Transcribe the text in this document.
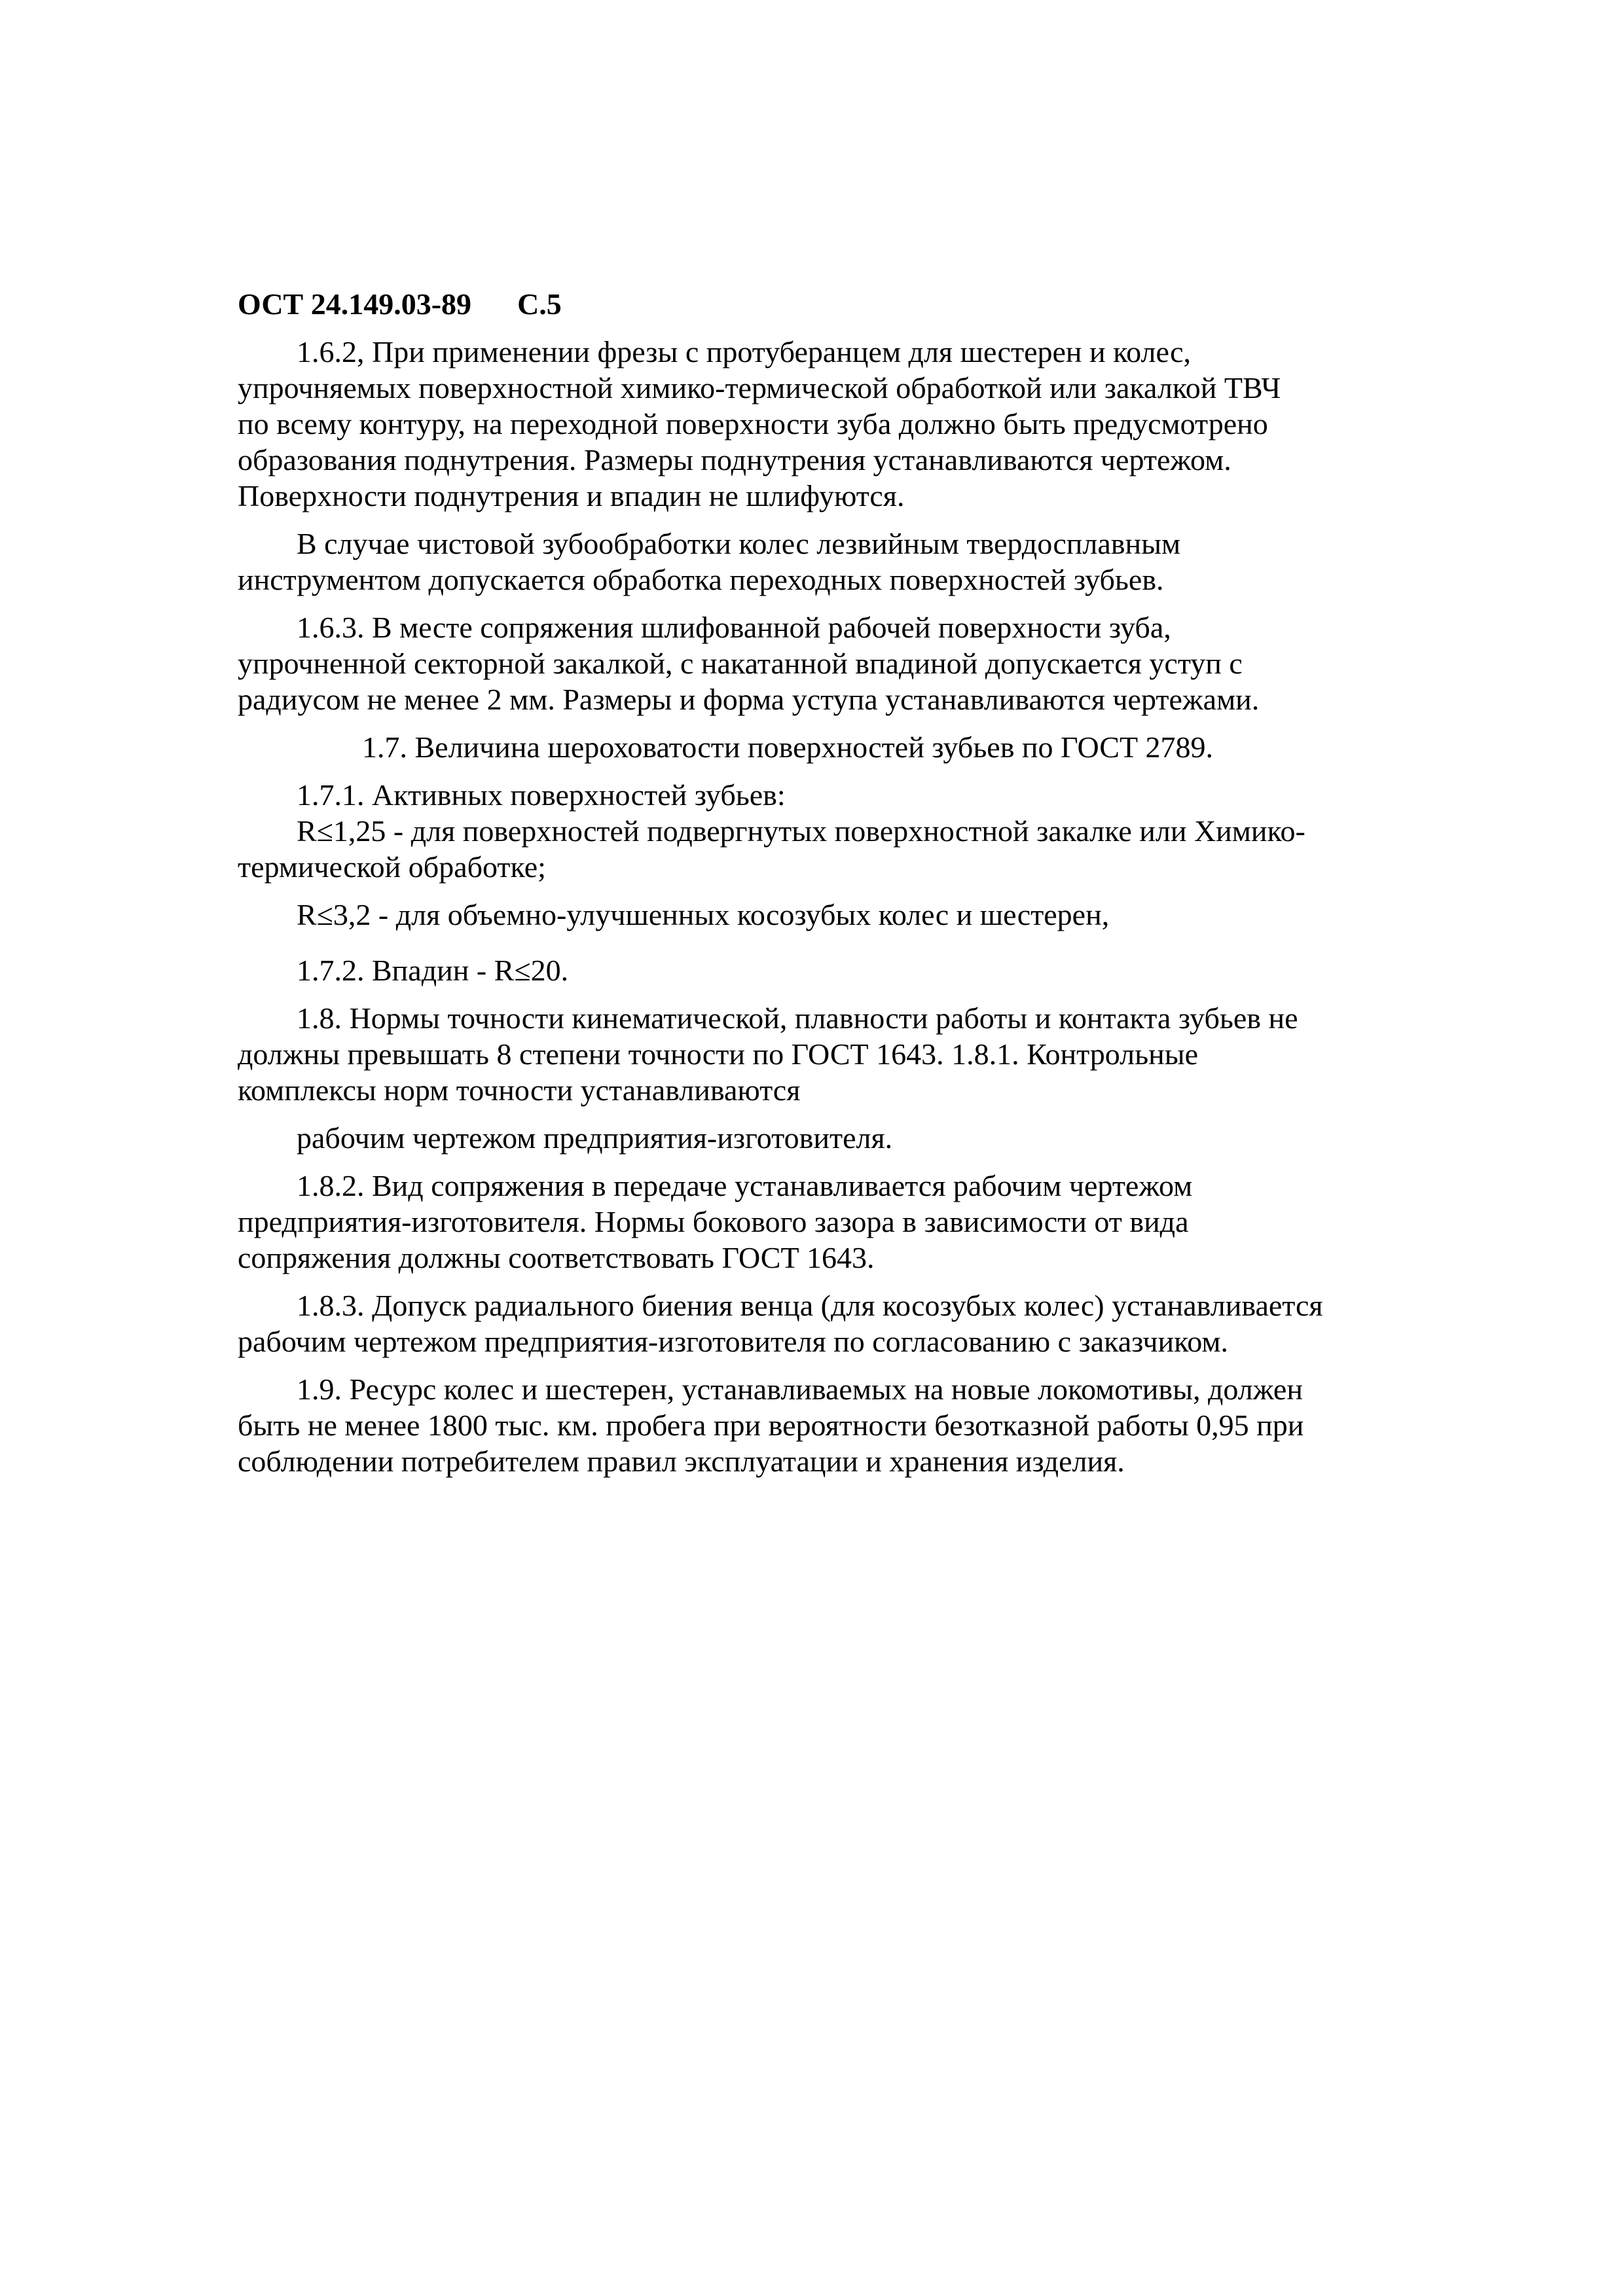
ОСТ 24.149.03-89 С.5
1.6.2, При применении фрезы с протуберанцем для шестерен и колес,
упрочняемых поверхностной химико-термической обработкой или закалкой ТВЧ
по всему контуру, на переходной поверхности зуба должно быть предусмотрено
образования поднутрения. Размеры поднутрения устанавливаются чертежом.
Поверхности поднутрения и впадин не шлифуются.
В случае чистовой зубообработки колес лезвийным твердосплавным
инструментом допускается обработка переходных поверхностей зубьев.
1.6.3. В месте сопряжения шлифованной рабочей поверхности зуба,
упрочненной секторной закалкой, с накатанной впадиной допускается уступ с
радиусом не менее 2 мм. Размеры и форма уступа устанавливаются чертежами.
1.7. Величина шероховатости поверхностей зубьев по ГОСТ 2789.
1.7.1. Активных поверхностей зубьев:
R≤1,25 - для поверхностей подвергнутых поверхностной закалке или Химико-
термической обработке;
R≤3,2 - для объемно-улучшенных косозубых колес и шестерен,
1.7.2. Впадин - R≤20.
1.8. Нормы точности кинематической, плавности работы и контакта зубьев не
должны превышать 8 степени точности по ГОСТ 1643. 1.8.1. Контрольные
комплексы норм точности устанавливаются
рабочим чертежом предприятия-изготовителя.
1.8.2. Вид сопряжения в передаче устанавливается рабочим чертежом
предприятия-изготовителя. Нормы бокового зазора в зависимости от вида
сопряжения должны соответствовать ГОСТ 1643.
1.8.3. Допуск радиального биения венца (для косозубых колес) устанавливается
рабочим чертежом предприятия-изготовителя по согласованию с заказчиком.
1.9. Ресурс колес и шестерен, устанавливаемых на новые локомотивы, должен
быть не менее 1800 тыс. км. пробега при вероятности безотказной работы 0,95 при
соблюдении потребителем правил эксплуатации и хранения изделия.
